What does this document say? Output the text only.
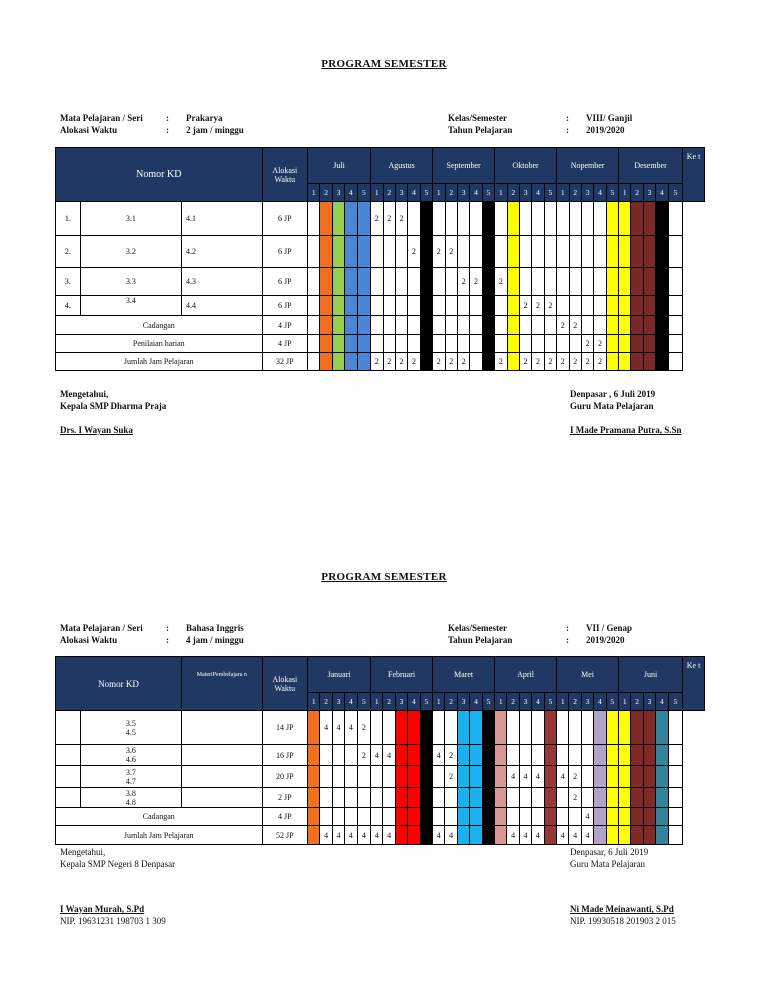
PROGRAM SEMESTER
Mata Pelajaran / Seri	: Prakarya
Alokasi Waktu	: 2 jam / minggu
Kelas/Semester	: VIII/ Ganjil
Tahun Pelajaran	: 2019/2020
Nomor KD			Alokasi Waktu	Juli					Agustus					September					Oktober					Nopember					Desember					Ke t
				1	2	3	4	5	1	2	3	4	5	1	2	3	4	5	1	2	3	4	5	1	2	3	4	5	1	2	3	4	5	
1.	3.1	4.1	6 JP						2	2	2																							
2.	3.2	4.2	6 JP									2		2	2																			
3.	3.3	4.3	6 JP													2	2		2															
4.	3.4	4.4	6 JP																		2	2	2											
Cadangan			4 JP																					2	2									
Penilaian harian			4 JP																							2	2							
Jumlah Jam Pelajaran			32 JP						2	2	2	2		2	2	2			2		2	2	2	2	2	2	2							
Mengetahui,
Kepala SMP Dharma Praja
Drs. I Wayan Suka
Denpasar , 6 Juli 2019
Guru Mata Pelajaran
I Made Pramana Putra, S.Sn
PROGRAM SEMESTER
Mata Pelajaran / Seri	: Bahasa Inggris
Alokasi Waktu	: 4 jam / minggu
Kelas/Semester	: VII / Genap
Tahun Pelajaran	: 2019/2020
Nomor KD		MateriPembelajara n	Alokasi Waktu	Januari					Februari					Maret					April					Mei					Juni					Ke t
				1	2	3	4	5	1	2	3	4	5	1	2	3	4	5	1	2	3	4	5	1	2	3	4	5	1	2	3	4	5	

	3.5
4.5		14 JP		4	4	4	2																										

	3.6
4.6		16 JP					2	4	4				4	2																			

	3.7
4.7		20 JP												2					4	4	4		4	2									

	3.8
4.8		2 JP																						2									
Cadangan			4 JP																							4								
Jumlah Jam Pelajaran			52 JP		4	4	4	4	4	4				4	4					4	4	4		4	4	4								
Mengetahui,
Kepala SMP Negeri 8 Denpasar
I Wayan Murah, S.Pd
NIP. 19631231 198703 1 309
Denpasar, 6 Juli 2019
Guru Mata Pelajaran
Ni Made Meinawanti, S.Pd
NIP. 19930518 201903 2 015
